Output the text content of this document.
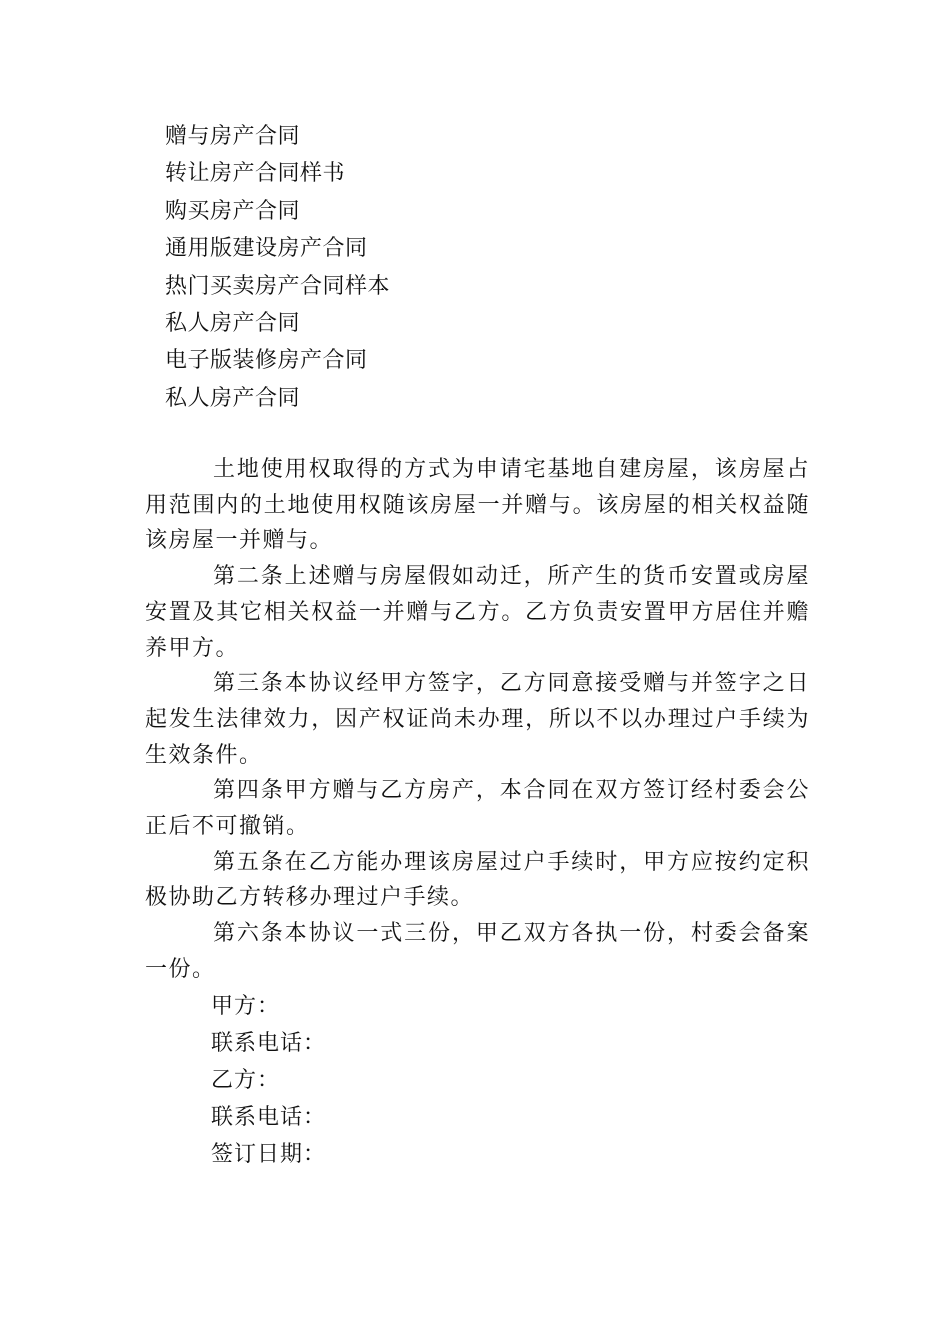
赠与房产合同
转让房产合同样书
购买房产合同
通用版建设房产合同
热门买卖房产合同样本
私人房产合同
电子版装修房产合同
私人房产合同

土地使用权取得的方式为申请宅基地自建房屋，该房屋占用范围内的土地使用权随该房屋一并赠与。该房屋的相关权益随该房屋一并赠与。

第二条上述赠与房屋假如动迁，所产生的货币安置或房屋安置及其它相关权益一并赠与乙方。乙方负责安置甲方居住并赡养甲方。

第三条本协议经甲方签字，乙方同意接受赠与并签字之日起发生法律效力，因产权证尚未办理，所以不以办理过户手续为生效条件。

第四条甲方赠与乙方房产，本合同在双方签订经村委会公正后不可撤销。

第五条在乙方能办理该房屋过户手续时，甲方应按约定积极协助乙方转移办理过户手续。

第六条本协议一式三份，甲乙双方各执一份，村委会备案一份。

甲方：
联系电话：
乙方：
联系电话：
签订日期：
